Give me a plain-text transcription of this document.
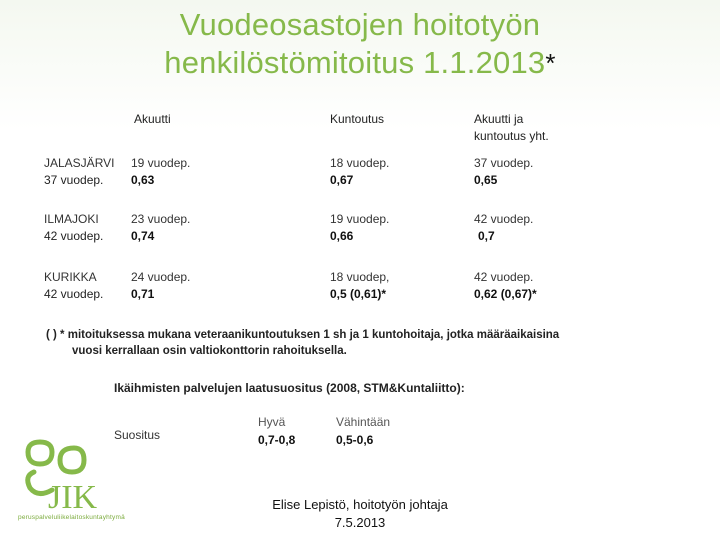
Vuodeosastojen hoitotyön
henkilöstömitoitus 1.1.2013*
Akuutti	Kuntoutus	Akuutti ja
kuntoutus yht.
JALASJÄRVI
37 vuodep.
19 vuodep.
0,63
18 vuodep.
0,67
37 vuodep.
0,65
ILMAJOKI
42 vuodep.
23 vuodep.
0,74
19 vuodep.
0,66
42 vuodep.
0,7
KURIKKA
42 vuodep.
24 vuodep.
0,71
18 vuodep,
0,5 (0,61)*
42 vuodep.
0,62 (0,67)*
( ) * mitoituksessa mukana veteraanikuntoutuksen 1 sh ja 1 kuntohoitaja, jotka määräaikaisina
vuosi kerrallaan osin valtiokonttorin rahoituksella.
Ikäihmisten palvelujen laatusuositus (2008, STM&Kuntaliitto):
Suositus
Hyvä
0,7-0,8
Vähintään
0,5-0,6
JIK
peruspalveluliikelaitoskuntayhtymä
Elise Lepistö, hoitotyön johtaja
7.5.2013
